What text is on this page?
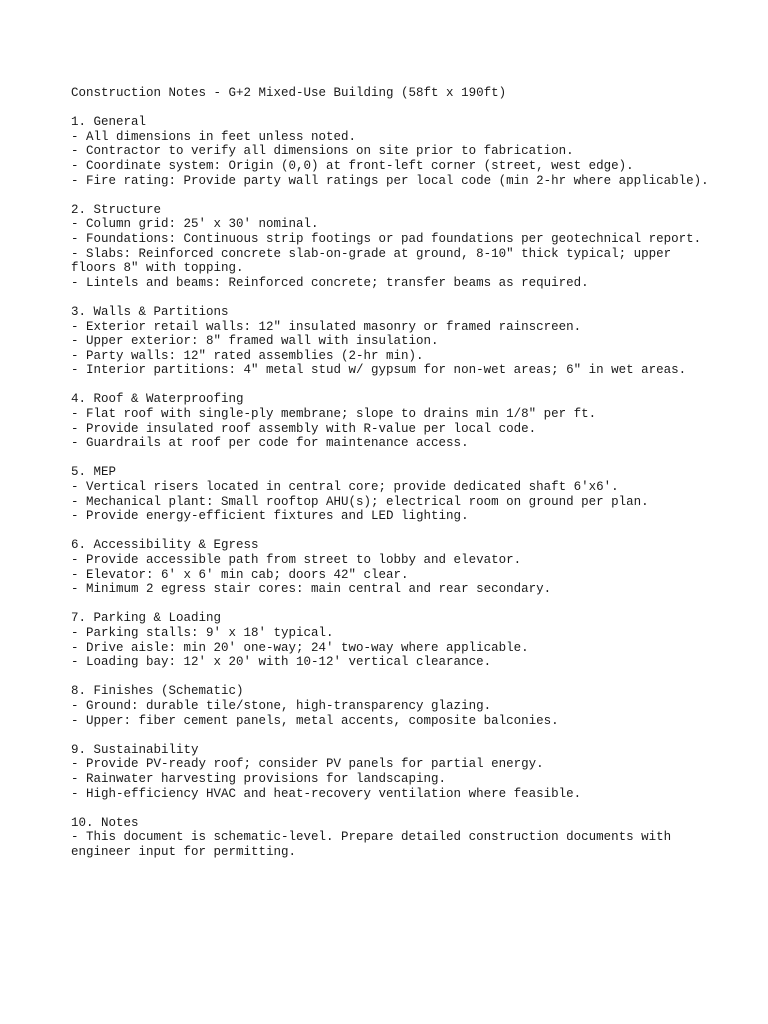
Construction Notes - G+2 Mixed-Use Building (58ft x 190ft)
1. General
- All dimensions in feet unless noted.
- Contractor to verify all dimensions on site prior to fabrication.
- Coordinate system: Origin (0,0) at front-left corner (street, west edge).
- Fire rating: Provide party wall ratings per local code (min 2-hr where applicable).
2. Structure
- Column grid: 25' x 30' nominal.
- Foundations: Continuous strip footings or pad foundations per geotechnical report.
- Slabs: Reinforced concrete slab-on-grade at ground, 8-10" thick typical; upper floors 8" with topping.
- Lintels and beams: Reinforced concrete; transfer beams as required.
3. Walls & Partitions
- Exterior retail walls: 12" insulated masonry or framed rainscreen.
- Upper exterior: 8" framed wall with insulation.
- Party walls: 12" rated assemblies (2-hr min).
- Interior partitions: 4" metal stud w/ gypsum for non-wet areas; 6" in wet areas.
4. Roof & Waterproofing
- Flat roof with single-ply membrane; slope to drains min 1/8" per ft.
- Provide insulated roof assembly with R-value per local code.
- Guardrails at roof per code for maintenance access.
5. MEP
- Vertical risers located in central core; provide dedicated shaft 6'x6'.
- Mechanical plant: Small rooftop AHU(s); electrical room on ground per plan.
- Provide energy-efficient fixtures and LED lighting.
6. Accessibility & Egress
- Provide accessible path from street to lobby and elevator.
- Elevator: 6' x 6' min cab; doors 42" clear.
- Minimum 2 egress stair cores: main central and rear secondary.
7. Parking & Loading
- Parking stalls: 9' x 18' typical.
- Drive aisle: min 20' one-way; 24' two-way where applicable.
- Loading bay: 12' x 20' with 10-12' vertical clearance.
8. Finishes (Schematic)
- Ground: durable tile/stone, high-transparency glazing.
- Upper: fiber cement panels, metal accents, composite balconies.
9. Sustainability
- Provide PV-ready roof; consider PV panels for partial energy.
- Rainwater harvesting provisions for landscaping.
- High-efficiency HVAC and heat-recovery ventilation where feasible.
10. Notes
- This document is schematic-level. Prepare detailed construction documents with engineer input for permitting.
